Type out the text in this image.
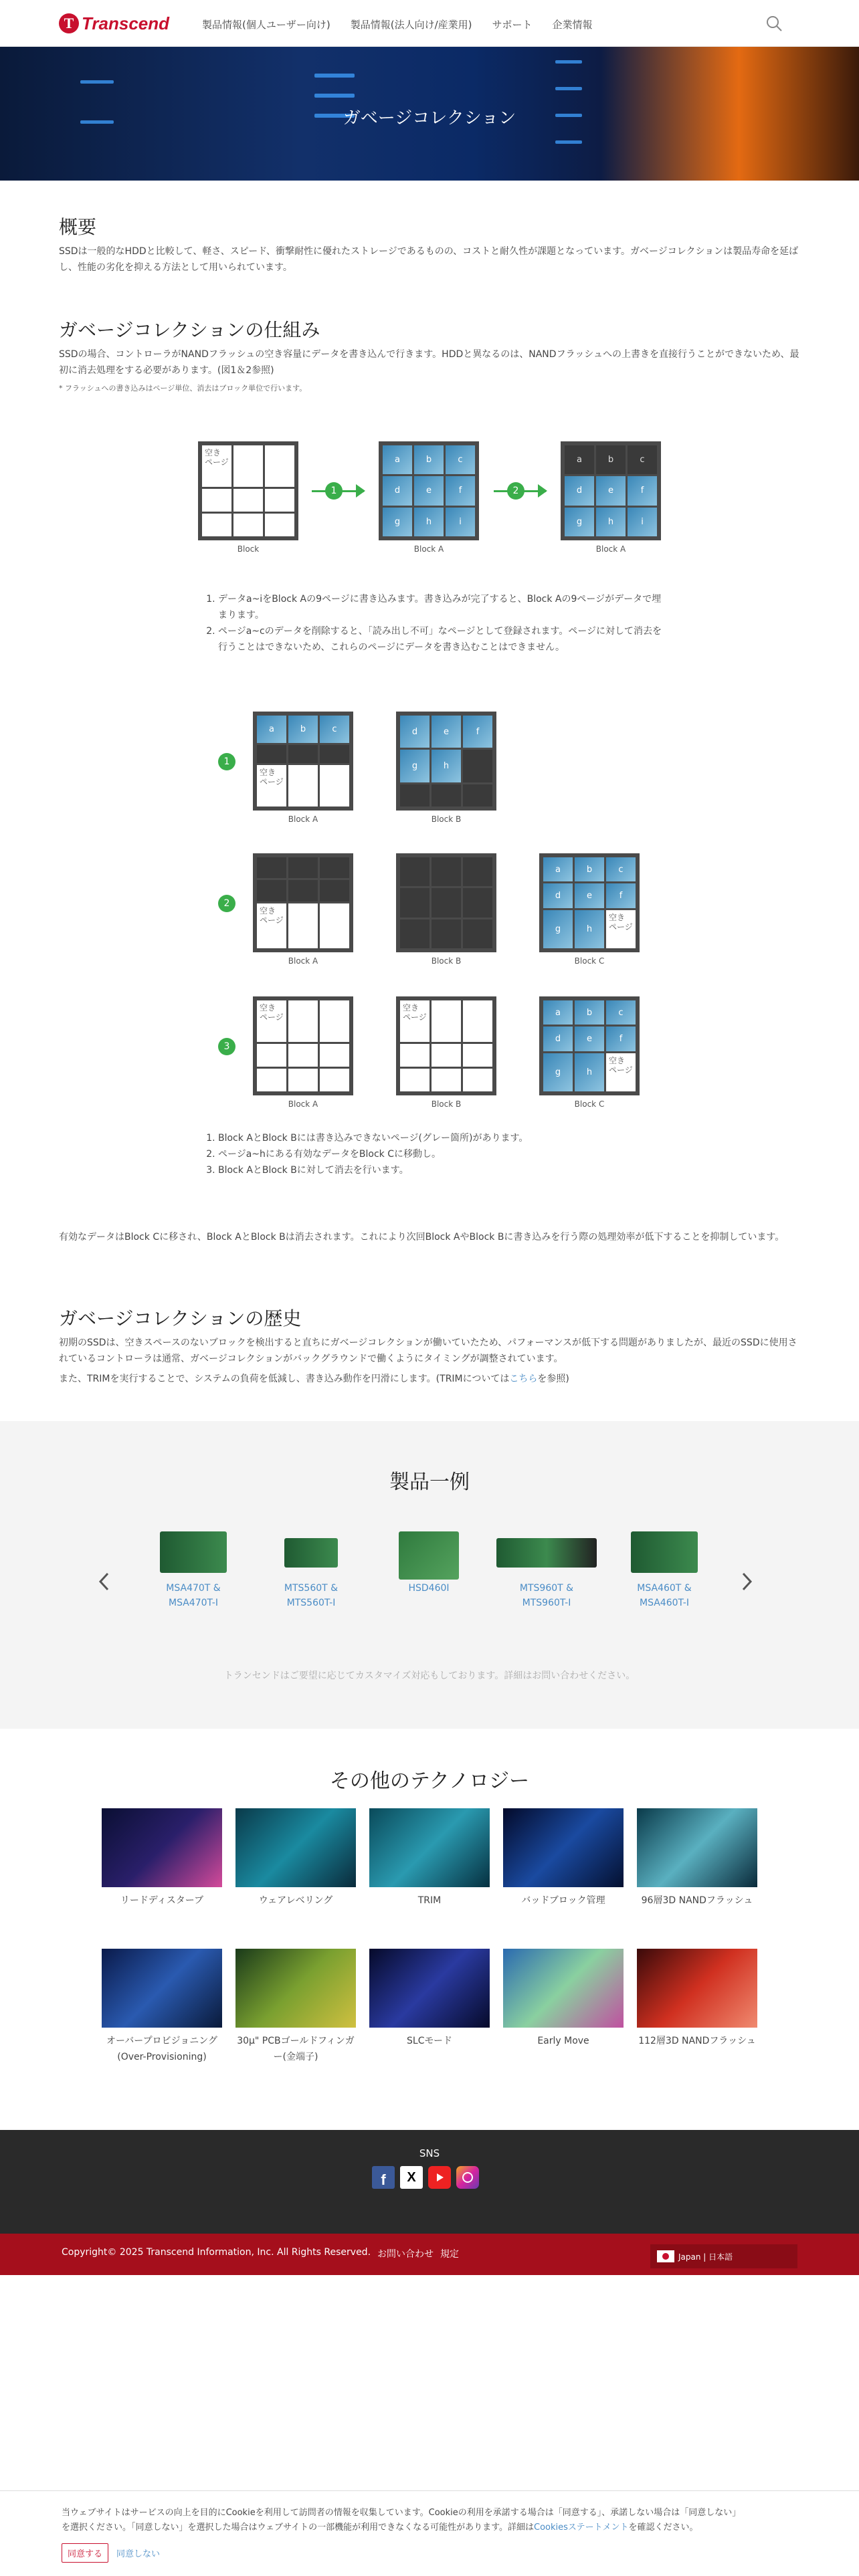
T Transcend	製品情報(個人ユーザー向け) 製品情報(法人向け/産業用) サポート 企業情報
ガベージコレクション
概要
SSDは一般的なHDDと比較して、軽さ、スピード、衝撃耐性に優れたストレージであるものの、コストと耐久性が課題となっています。ガベージコレクションは製品寿命を延ばし、性能の劣化を抑える方法として用いられています。
ガベージコレクションの仕組み
SSDの場合、コントローラがNANDフラッシュの空き容量にデータを書き込んで行きます。HDDと異なるのは、NANDフラッシュへの上書きを直接行うことができないため、最初に消去処理をする必要があります。(図1＆2参照)
* フラッシュへの書き込みはページ単位、消去はブロック単位で行います。
空き ページ
Block
1
a	b	c
d	e	f
g	h	i
Block A
2
a	b	c
d	e	f
g	h	i
Block A
1. データa~iをBlock Aの9ページに書き込みます。書き込みが完了すると、Block Aの9ページがデータで埋まります。
2. ページa~cのデータを削除すると、「読み出し不可」なページとして登録されます。ページに対して消去を行うことはできないため、これらのページにデータを書き込むことはできません。
1
a	b	c
空き ページ
Block A
d	e	f
g	h
Block B
2
空き ページ
Block A	Block B
a	b	c
d	e	f
g	h
空き ページ
Block C
3
空き ページ
Block A
空き ページ
Block B
a	b	c
d	e	f
g	h
空き ページ
Block C
1. Block AとBlock Bには書き込みできないページ(グレー箇所)があります。
2. ページa~hにある有効なデータをBlock Cに移動し。
3. Block AとBlock Bに対して消去を行います。
有効なデータはBlock Cに移され、Block AとBlock Bは消去されます。これにより次回Block AやBlock Bに書き込みを行う際の処理効率が低下することを抑制しています。
ガベージコレクションの歴史
初期のSSDは、空きスペースのないブロックを検出すると直ちにガベージコレクションが働いていたため、パフォーマンスが低下する問題がありましたが、最近のSSDに使用されているコントローラは通常、ガベージコレクションがバックグラウンドで働くようにタイミングが調整されています。
また、TRIMを実行することで、システムの負荷を低減し、書き込み動作を円滑にします。(TRIMについてはこちらを参照)
製品一例
トランセンドはご要望に応じてカスタマイズ対応もしております。詳細はお問い合わせください。
MSA470T &
MSA470T-I
MTS560T &
MTS560T-I
HSD460I	MTS960T &
MTS960T-I
MSA460T &
MSA460T-I
その他のテクノロジー
リードディスターブ	ウェアレベリング	TRIM	バッドブロック管理	96層3D NANDフラッシュ
オーバープロビジョニング (Over-Provisioning)
30μ" PCBゴールドフィンガー(金端子)
SLCモード	Early Move	112層3D NANDフラッシュ
SNS
f	X
Copyright© 2025 Transcend Information, Inc. All Rights Reserved. お問い合わせ 規定	Japan | 日本語
当ウェブサイトはサービスの向上を目的にCookieを利用して訪問者の情報を収集しています。Cookieの利用を承諾する場合は「同意する」、承諾しない場合は「同意しない」
を選択ください。「同意しない」を選択した場合はウェブサイトの一部機能が利用できなくなる可能性があります。詳細はCookiesステートメントを確認ください。
同意する	同意しない
